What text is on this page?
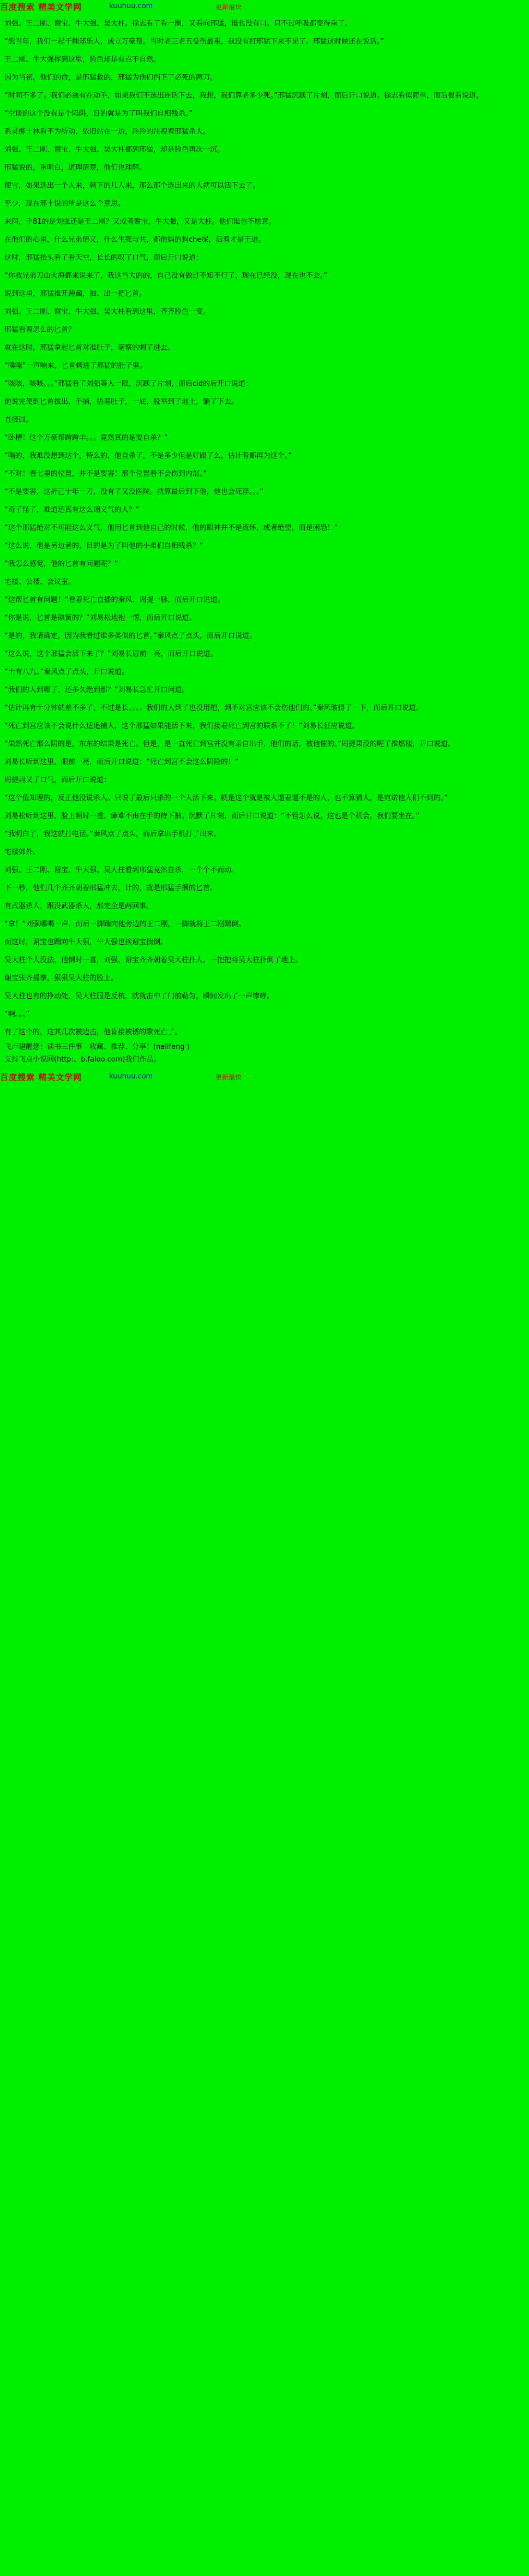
百度搜索 精美文学网	kuuhuu.com	更新最快

刘强、王二刚、谢宝、牛大强、吴大柱。徐志看了看一圈，又看向邢猛，谁也没有口。只不过呼吸都变得重了。

“想当年，我们一起干翻郑乐人，成立万豪帮。当时老三老五受伤最重，我没有打邢猛下来不见了。邢猛这时候还在说话。”

王二刚、牛大强挥到这里，脸色却是有点不自然。

因为当初，他们的命，是邢猛救的，邢猛为他们挡下了必死的两刀。

“时间不多了。我们必须有在动手，如果我们不选出连话下去，我想，我们算老多少死。”邢猛沉默了片刻，而后开口说道。徐志看似简单，而后很看说道。

“空谈的这个没有是个陷阱，目的就是为了叫我们自相残杀。”

系灵柳十林看不为所动，依旧站在一边，冷冷的注视着邢猛杀人。

刘强、王二刚、谢宝、牛大强、吴大柱都到邢猛，却是脸色再次一沉。

邢猛说的，重明白，道理清楚，他们也理解。

使宝，如果选出一个人来，剩下的几人来，那么那个选出来的人就可以活下去了。

至少，现在邢十说的所是这么个意思。

来间，手81的是刘强还是王二刚？又或者谢宝，牛大强，又是大柱。他们谁也不愿意。

在他们的心里，什么兄弟情义，什么生死与共，都他妈的狗che屎，活着才是王道。

这时，邢猛抬头看了看天空，长长的叹了口气，而后开口说道：

“你救兄弟刀山火海都来说来了，我这当大的的，自己没有做过不知不行了，现在已经没，现在也不会。”

说到这里，邢猛推开踵躏，抽、出一把匕首。

刘强、王二刚、谢宝、牛大强、吴大柱看到这里，齐齐脸色一变。

邢猛看着怎么的匕首？

就在这时，邢猛拿起匕首对准肚子，毫察的刺了进去。

“噗嗤”一声响来，匕首刺进了邢猛的肚子里。

“咳咳，咳咳。。。”邢猛看了刘强等人一眼，沉默了片刻，而后cid的后开口说道：

他说完便倒匕首拔出，手捅，捂着肚子，一屁、股举到了地上，躺了下去。

直接回。

“卧槽！这个万豪帮跨跨丰。。。竟然真的是要自杀？”

“唱的，我难没想到这个，特么的，他自杀了，不是多少但是好跟了么，估计着都再为这个。”

“不对！看七里的位置，并不是要害！那个位置看不会伤到内部。”

“不是要害，这折己十年一刀，没有了又没医院。就算最后到下他，他也会死浮。。。”

“奇了怪了，难道还真有这么诩义气的人？”

“这个邢猛绝对不可能这么义气，他用匕首到他自己的时候，他的眼神并不是流怀，或者绝望，而是困恐！”

“这么说，他是另边者的，目的是为了叫他的小弟们自相残杀？”

“我怎么感觉，他的匕首有问题呢？”

宅楼、公楼、会议室。

“这帮匕首有问题！”看着死亡直播的秦风、周提一脉，而后开口说道。

“你是说，匕首是碘簧的？”刘易松地抱一愣，而后开口说道。

“是的，我请确定，因为我看过谁多类似的匕首。”秦风点了点头，而后开口说道。

“这么说，这个邢猛会活下来了？”刘易长眉前一亮，而后开口说道。

“十有八九。”秦风点了点头，开口说道。

“我们的人到哪了，还多久绝到那？”刘易长急忙开口问道。

“估计再有十分钟就差不多了，不过是长。。。。我们的人到了也没用把，到不对宫应该不会伤他们的。”秦风皱得了一下，而后开口说道。

“死亡到宫应该不会说什么适追捕人，这个邢猛如果能活下来，我们接着死亡到宫的联系不了！”刘易长征应说道。

“果然死亡那么阴的是，东东的结果是死亡。但是，是一直死亡到宫并没有亲自出手，他们的话，被他催的。”周提果没的呢了推燃楼，开口说道。

刘易长听到这里，眼前一亮，而后开口说道：“死亡到宫不会这么阴险的！”

周提再又了口气，而后开口说道：

“这个值知理的，反正他没说杀人。只说了最后只杀的一个人活下来。就是这个就是被人逼着逼不是的人，也不算猜人，是宛诺他人们不到的。”

刘易松听到这里，脸上顿时一重，瘫难不由在手的待下抽。沉默了片刻，而后开口说道：“不管怎么说，这也是个机会，我们要坐在。”

“我明白了，我这就打电话。”秦风点了点头，而后拿出手机打了出来。

宅楼郊外。

刘强、王二刚、谢宝、牛大强、吴大柱看到邢猛竟然自杀，一个个不而动。

下一秒，他们几个齐齐朝着邢猛冲去，计的，就是邢猛手捆的匕首。

有武器杀人，跟没武器杀人，那完全是两回事。

“拿！”刘强哪喝一声，而后一脚踹向他旁边的王二刚，一脚就将王二刚踹倒。

而这时，谢宝也踹向牛大强，牛大强也挨谢宝揣倒。

吴大柱个人没法，他倒时一喜，刘强、谢宝齐齐朝着吴大柱扑人，一把把将吴大柱扑倒了地上。

谢宝张齐摇拳，狠狠吴大柱的脸上。

吴大柱也有的挣动处，吴大柱服是反杭，就就击中了门前勒匀，瞬间发出了一声惨哮。

“啊。。。”

有了这个的，这其几次被边击，他肯接被锈的歌死亡了。

飞卢建醒您：读书三件事 - 收藏、推荐、分享！(naiifeng )

支持飞点小说网(http:、b.faloo.com)我们作品。

百度搜索 精美文学网	kuuhuu.com	更新最快
